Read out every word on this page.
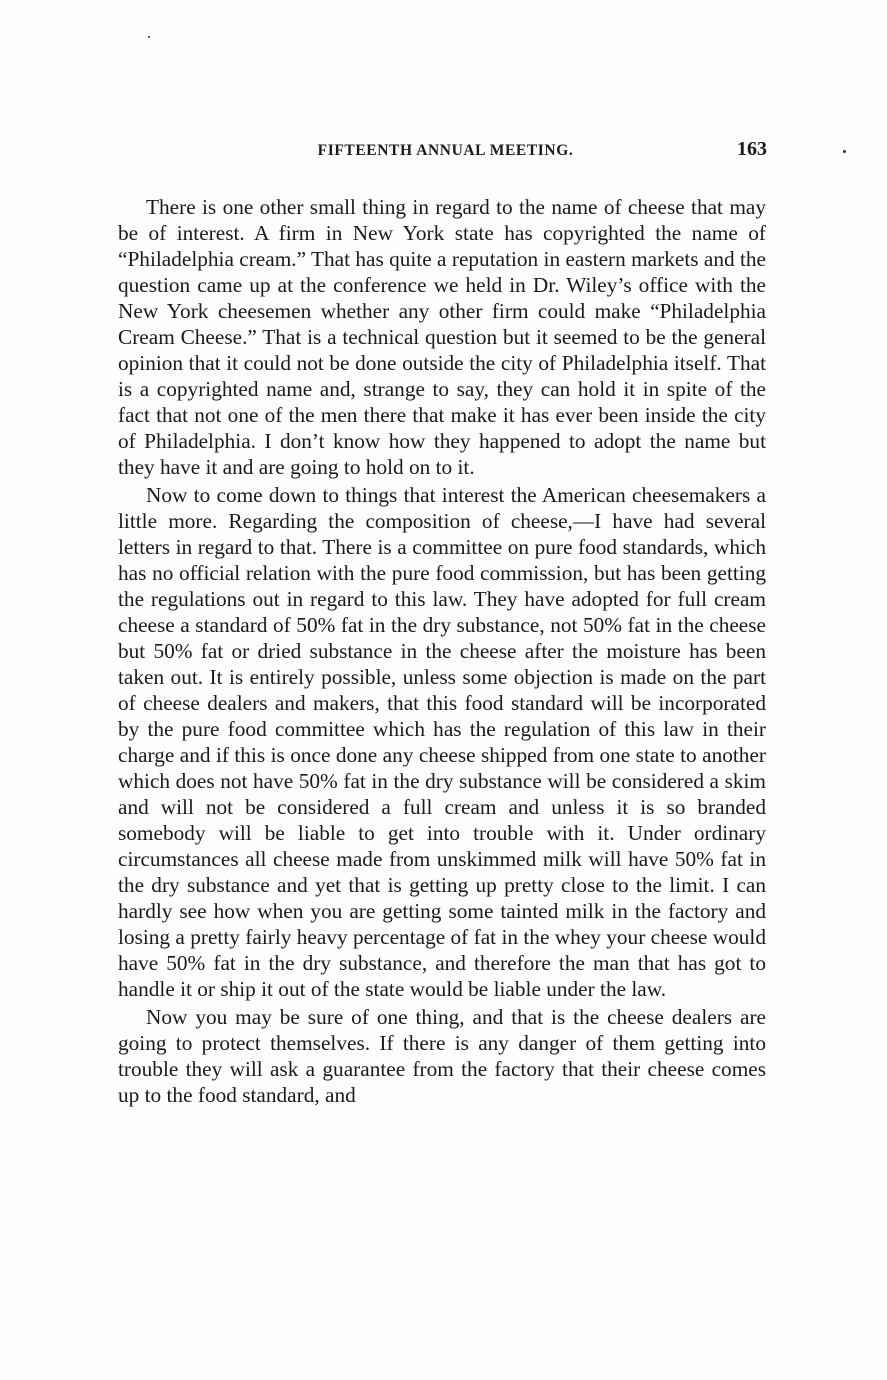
FIFTEENTH ANNUAL MEETING.	163

There is one other small thing in regard to the name of cheese that may be of interest. A firm in New York state has copyrighted the name of “Philadelphia cream.” That has quite a reputation in eastern markets and the question came up at the conference we held in Dr. Wiley’s office with the New York cheesemen whether any other firm could make “Philadelphia Cream Cheese.” That is a technical question but it seemed to be the general opinion that it could not be done outside the city of Philadelphia itself. That is a copyrighted name and, strange to say, they can hold it in spite of the fact that not one of the men there that make it has ever been inside the city of Philadelphia. I don’t know how they happened to adopt the name but they have it and are going to hold on to it.

Now to come down to things that interest the American cheesemakers a little more. Regarding the composition of cheese,—I have had several letters in regard to that. There is a committee on pure food standards, which has no official relation with the pure food commission, but has been getting the regulations out in regard to this law. They have adopted for full cream cheese a standard of 50% fat in the dry substance, not 50% fat in the cheese but 50% fat or dried substance in the cheese after the moisture has been taken out. It is entirely possible, unless some objection is made on the part of cheese dealers and makers, that this food standard will be incorporated by the pure food committee which has the regulation of this law in their charge and if this is once done any cheese shipped from one state to another which does not have 50% fat in the dry substance will be considered a skim and will not be considered a full cream and unless it is so branded somebody will be liable to get into trouble with it. Under ordinary circumstances all cheese made from unskimmed milk will have 50% fat in the dry substance and yet that is getting up pretty close to the limit. I can hardly see how when you are getting some tainted milk in the factory and losing a pretty fairly heavy percentage of fat in the whey your cheese would have 50% fat in the dry substance, and therefore the man that has got to handle it or ship it out of the state would be liable under the law.

Now you may be sure of one thing, and that is the cheese dealers are going to protect themselves. If there is any danger of them getting into trouble they will ask a guarantee from the factory that their cheese comes up to the food standard, and
